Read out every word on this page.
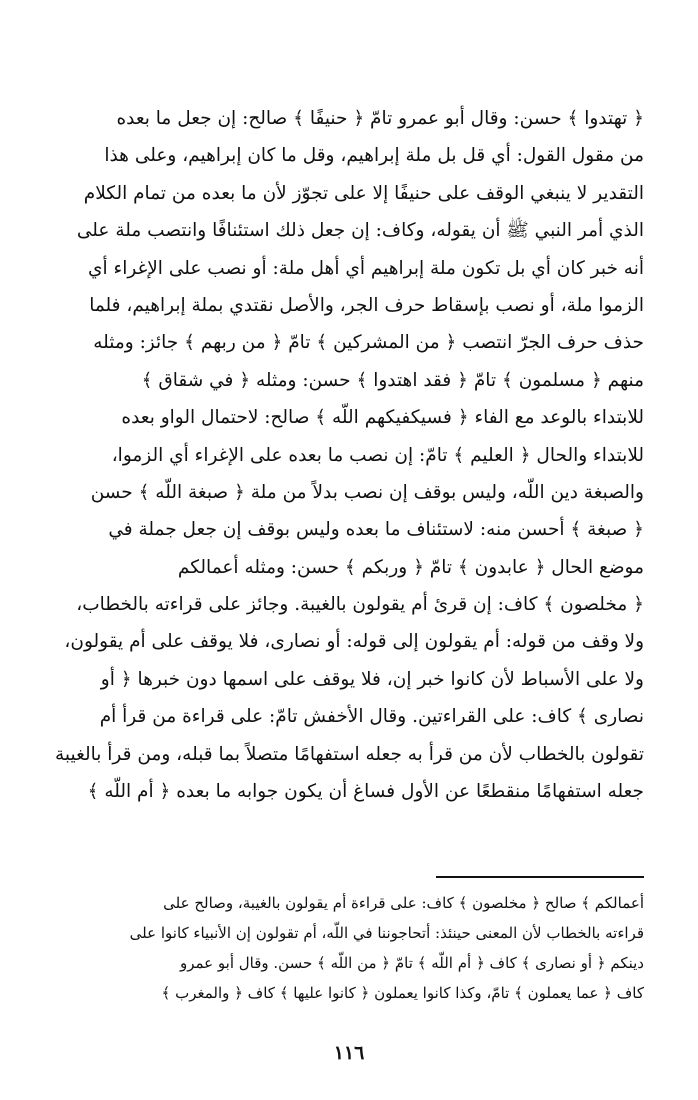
﴿ تهتدوا ﴾ حسن: وقال أبو عمرو تامّ ﴿ حنيفًا ﴾ صالح: إن جعل ما بعده
من مقول القول: أي قل بل ملة إبراهيم، وقل ما كان إبراهيم، وعلى هذا
التقدير لا ينبغي الوقف على حنيفًا إلا على تجوّز لأن ما بعده من تمام الكلام
الذي أمر النبي ﷺ أن يقوله، وكاف: إن جعل ذلك استئنافًا وانتصب ملة على
أنه خبر كان أي بل تكون ملة إبراهيم أي أهل ملة: أو نصب على الإغراء أي
الزموا ملة، أو نصب بإسقاط حرف الجر، والأصل نقتدي بملة إبراهيم، فلما
حذف حرف الجرّ انتصب ﴿ من المشركين ﴾ تامّ ﴿ من ربهم ﴾ جائز: ومثله
منهم ﴿ مسلمون ﴾ تامّ ﴿ فقد اهتدوا ﴾ حسن: ومثله ﴿ في شقاق ﴾
للابتداء بالوعد مع الفاء ﴿ فسيكفيكهم اللّه ﴾ صالح: لاحتمال الواو بعده
للابتداء والحال ﴿ العليم ﴾ تامّ: إن نصب ما بعده على الإغراء أي الزموا،
والصبغة دين اللّه، وليس بوقف إن نصب بدلاً من ملة ﴿ صبغة اللّه ﴾ حسن
﴿ صبغة ﴾ أحسن منه: لاستئناف ما بعده وليس بوقف إن جعل جملة في
موضع الحال ﴿ عابدون ﴾ تامّ ﴿ وربكم ﴾ حسن: ومثله أعمالكم
﴿ مخلصون ﴾ كاف: إن قرئ أم يقولون بالغيبة. وجائز على قراءته بالخطاب،
ولا وقف من قوله: أم يقولون إلى قوله: أو نصارى، فلا يوقف على أم يقولون،
ولا على الأسباط لأن كانوا خبر إن، فلا يوقف على اسمها دون خبرها ﴿ أو
نصارى ﴾ كاف: على القراءتين. وقال الأخفش تامّ: على قراءة من قرأ أم
تقولون بالخطاب لأن من قرأ به جعله استفهامًا متصلاً بما قبله، ومن قرأ بالغيبة
جعله استفهامًا منقطعًا عن الأول فساغ أن يكون جوابه ما بعده ﴿ أم اللّه ﴾
أعمالكم ﴾ صالح ﴿ مخلصون ﴾ كاف: على قراءة أم يقولون بالغيبة، وصالح على
قراءته بالخطاب لأن المعنى حينئذ: أتحاجوننا في اللّه، أم تقولون إن الأنبياء كانوا على
دينكم ﴿ أو نصارى ﴾ كاف ﴿ أم اللّه ﴾ تامّ ﴿ من اللّه ﴾ حسن. وقال أبو عمرو
كاف ﴿ عما يعملون ﴾ تامّ، وكذا كانوا يعملون ﴿ كانوا عليها ﴾ كاف ﴿ والمغرب ﴾
١١٦
